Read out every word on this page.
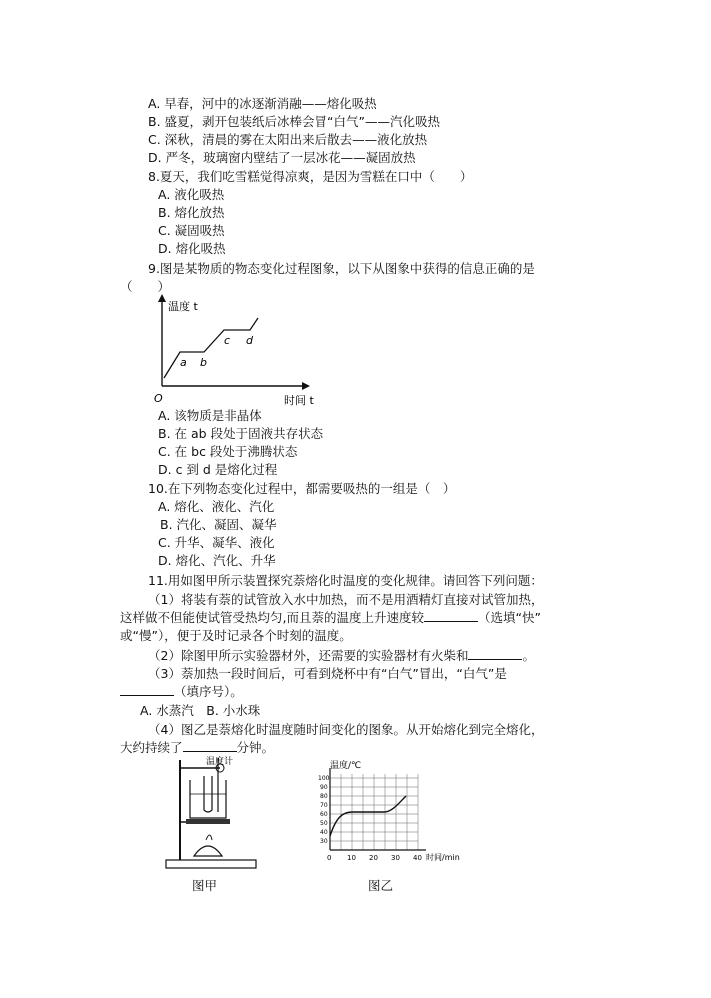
A. 早春，河中的冰逐渐消融——熔化吸热
B. 盛夏，剥开包装纸后冰棒会冒“白气”——汽化吸热
C. 深秋，清晨的雾在太阳出来后散去——液化放热
D. 严冬，玻璃窗内壁结了一层冰花——凝固放热
8.夏天，我们吃雪糕觉得凉爽，是因为雪糕在口中（　　）
A. 液化吸热
B. 熔化放热
C. 凝固吸热
D. 熔化吸热
9.图是某物质的物态变化过程图象，以下从图象中获得的信息正确的是
（　　）
温度 t
O	时间 t
a b
c d
A. 该物质是非晶体
B. 在 ab 段处于固液共存状态
C. 在 bc 段处于沸腾状态
D. c 到 d 是熔化过程
10.在下列物态变化过程中，都需要吸热的一组是（　）
A. 熔化、液化、汽化
B. 汽化、凝固、凝华
C. 升华、凝华、液化
D. 熔化、汽化、升华
11.用如图甲所示装置探究萘熔化时温度的变化规律。请回答下列问题：
（1）将装有萘的试管放入水中加热，而不是用酒精灯直接对试管加热，
这样做不但能使试管受热均匀,而且萘的温度上升速度较	（选填“快”
或“慢”），便于及时记录各个时刻的温度。
（2）除图甲所示实验器材外，还需要的实验器材有火柴和	。
（3）萘加热一段时间后，可看到烧杯中有“白气”冒出，“白气”是
（填序号）。
A. 水蒸汽　B. 小水珠
（4）图乙是萘熔化时温度随时间变化的图象。从开始熔化到完全熔化，
大约持续了	分钟。
温度计
图甲
温度/℃
时间/min
100
90
80
70
60
50
40
30
0 10 20 30 40
图乙
